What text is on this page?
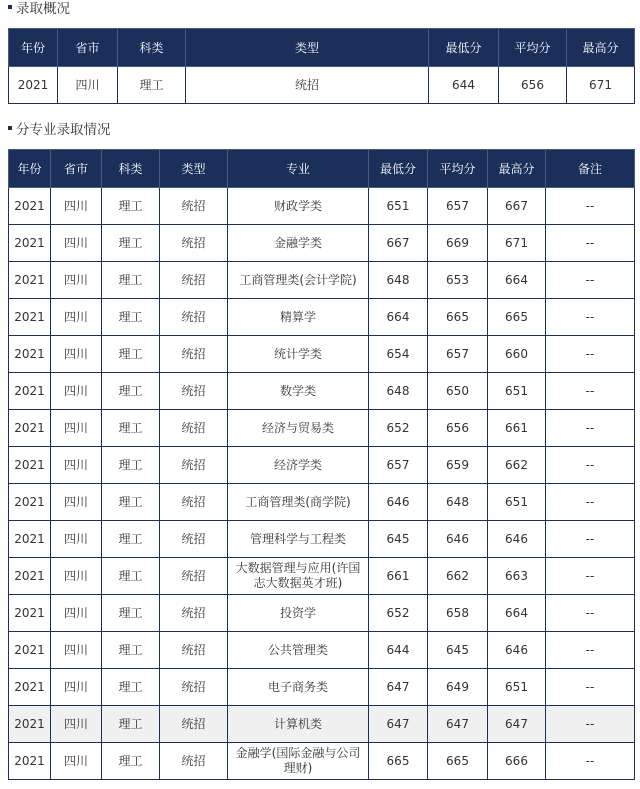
录取概况
年份	省市	科类	类型	最低分	平均分	最高分
2021	四川	理工	统招	644	656	671
分专业录取情况
年份	省市	科类	类型	专业	最低分	平均分	最高分	备注
2021	四川	理工	统招	财政学类	651	657	667	--
2021	四川	理工	统招	金融学类	667	669	671	--
2021	四川	理工	统招	工商管理类(会计学院)	648	653	664	--
2021	四川	理工	统招	精算学	664	665	665	--
2021	四川	理工	统招	统计学类	654	657	660	--
2021	四川	理工	统招	数学类	648	650	651	--
2021	四川	理工	统招	经济与贸易类	652	656	661	--
2021	四川	理工	统招	经济学类	657	659	662	--
2021	四川	理工	统招	工商管理类(商学院)	646	648	651	--
2021	四川	理工	统招	管理科学与工程类	645	646	646	--
2021	四川	理工	统招	大数据管理与应用(许国志大数据英才班)	661	662	663	--
2021	四川	理工	统招	投资学	652	658	664	--
2021	四川	理工	统招	公共管理类	644	645	646	--
2021	四川	理工	统招	电子商务类	647	649	651	--
2021	四川	理工	统招	计算机类	647	647	647	--
2021	四川	理工	统招	金融学(国际金融与公司理财)	665	665	666	--
